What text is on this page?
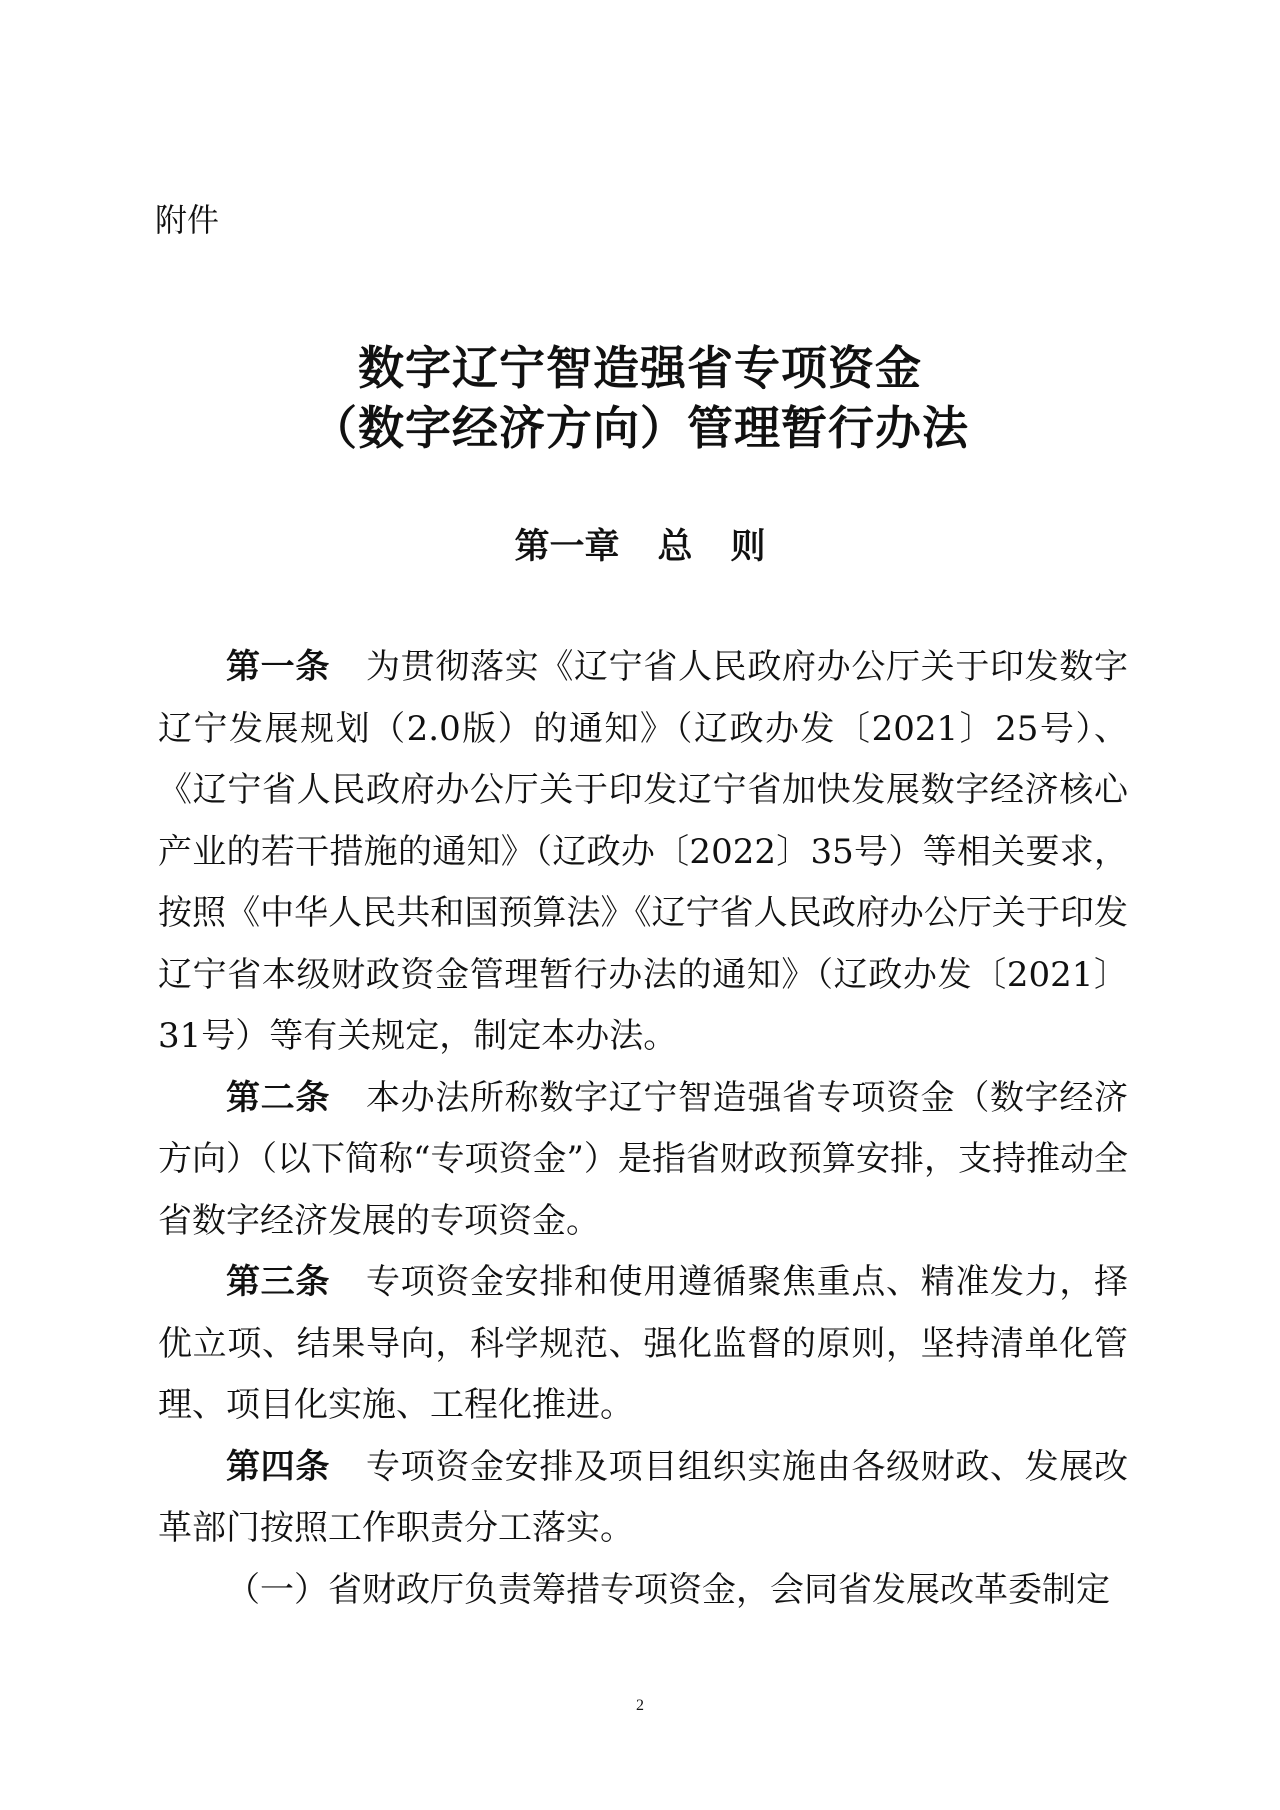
附件
数字辽宁智造强省专项资金
（数字经济方向）管理暂行办法
第一章 总 则

第一条 为贯彻落实《辽宁省人民政府办公厅关于印发数字辽宁发展规划（2.0版）的通知》（辽政办发〔2021〕25号）、《辽宁省人民政府办公厅关于印发辽宁省加快发展数字经济核心产业的若干措施的通知》（辽政办〔2022〕35号）等相关要求，按照《中华人民共和国预算法》《辽宁省人民政府办公厅关于印发辽宁省本级财政资金管理暂行办法的通知》（辽政办发〔2021〕31号）等有关规定，制定本办法。

第二条 本办法所称数字辽宁智造强省专项资金（数字经济方向）（以下简称“专项资金”）是指省财政预算安排，支持推动全省数字经济发展的专项资金。

第三条 专项资金安排和使用遵循聚焦重点、精准发力，择优立项、结果导向，科学规范、强化监督的原则，坚持清单化管理、项目化实施、工程化推进。

第四条 专项资金安排及项目组织实施由各级财政、发展改革部门按照工作职责分工落实。

（一）省财政厅负责筹措专项资金，会同省发展改革委制定

2
